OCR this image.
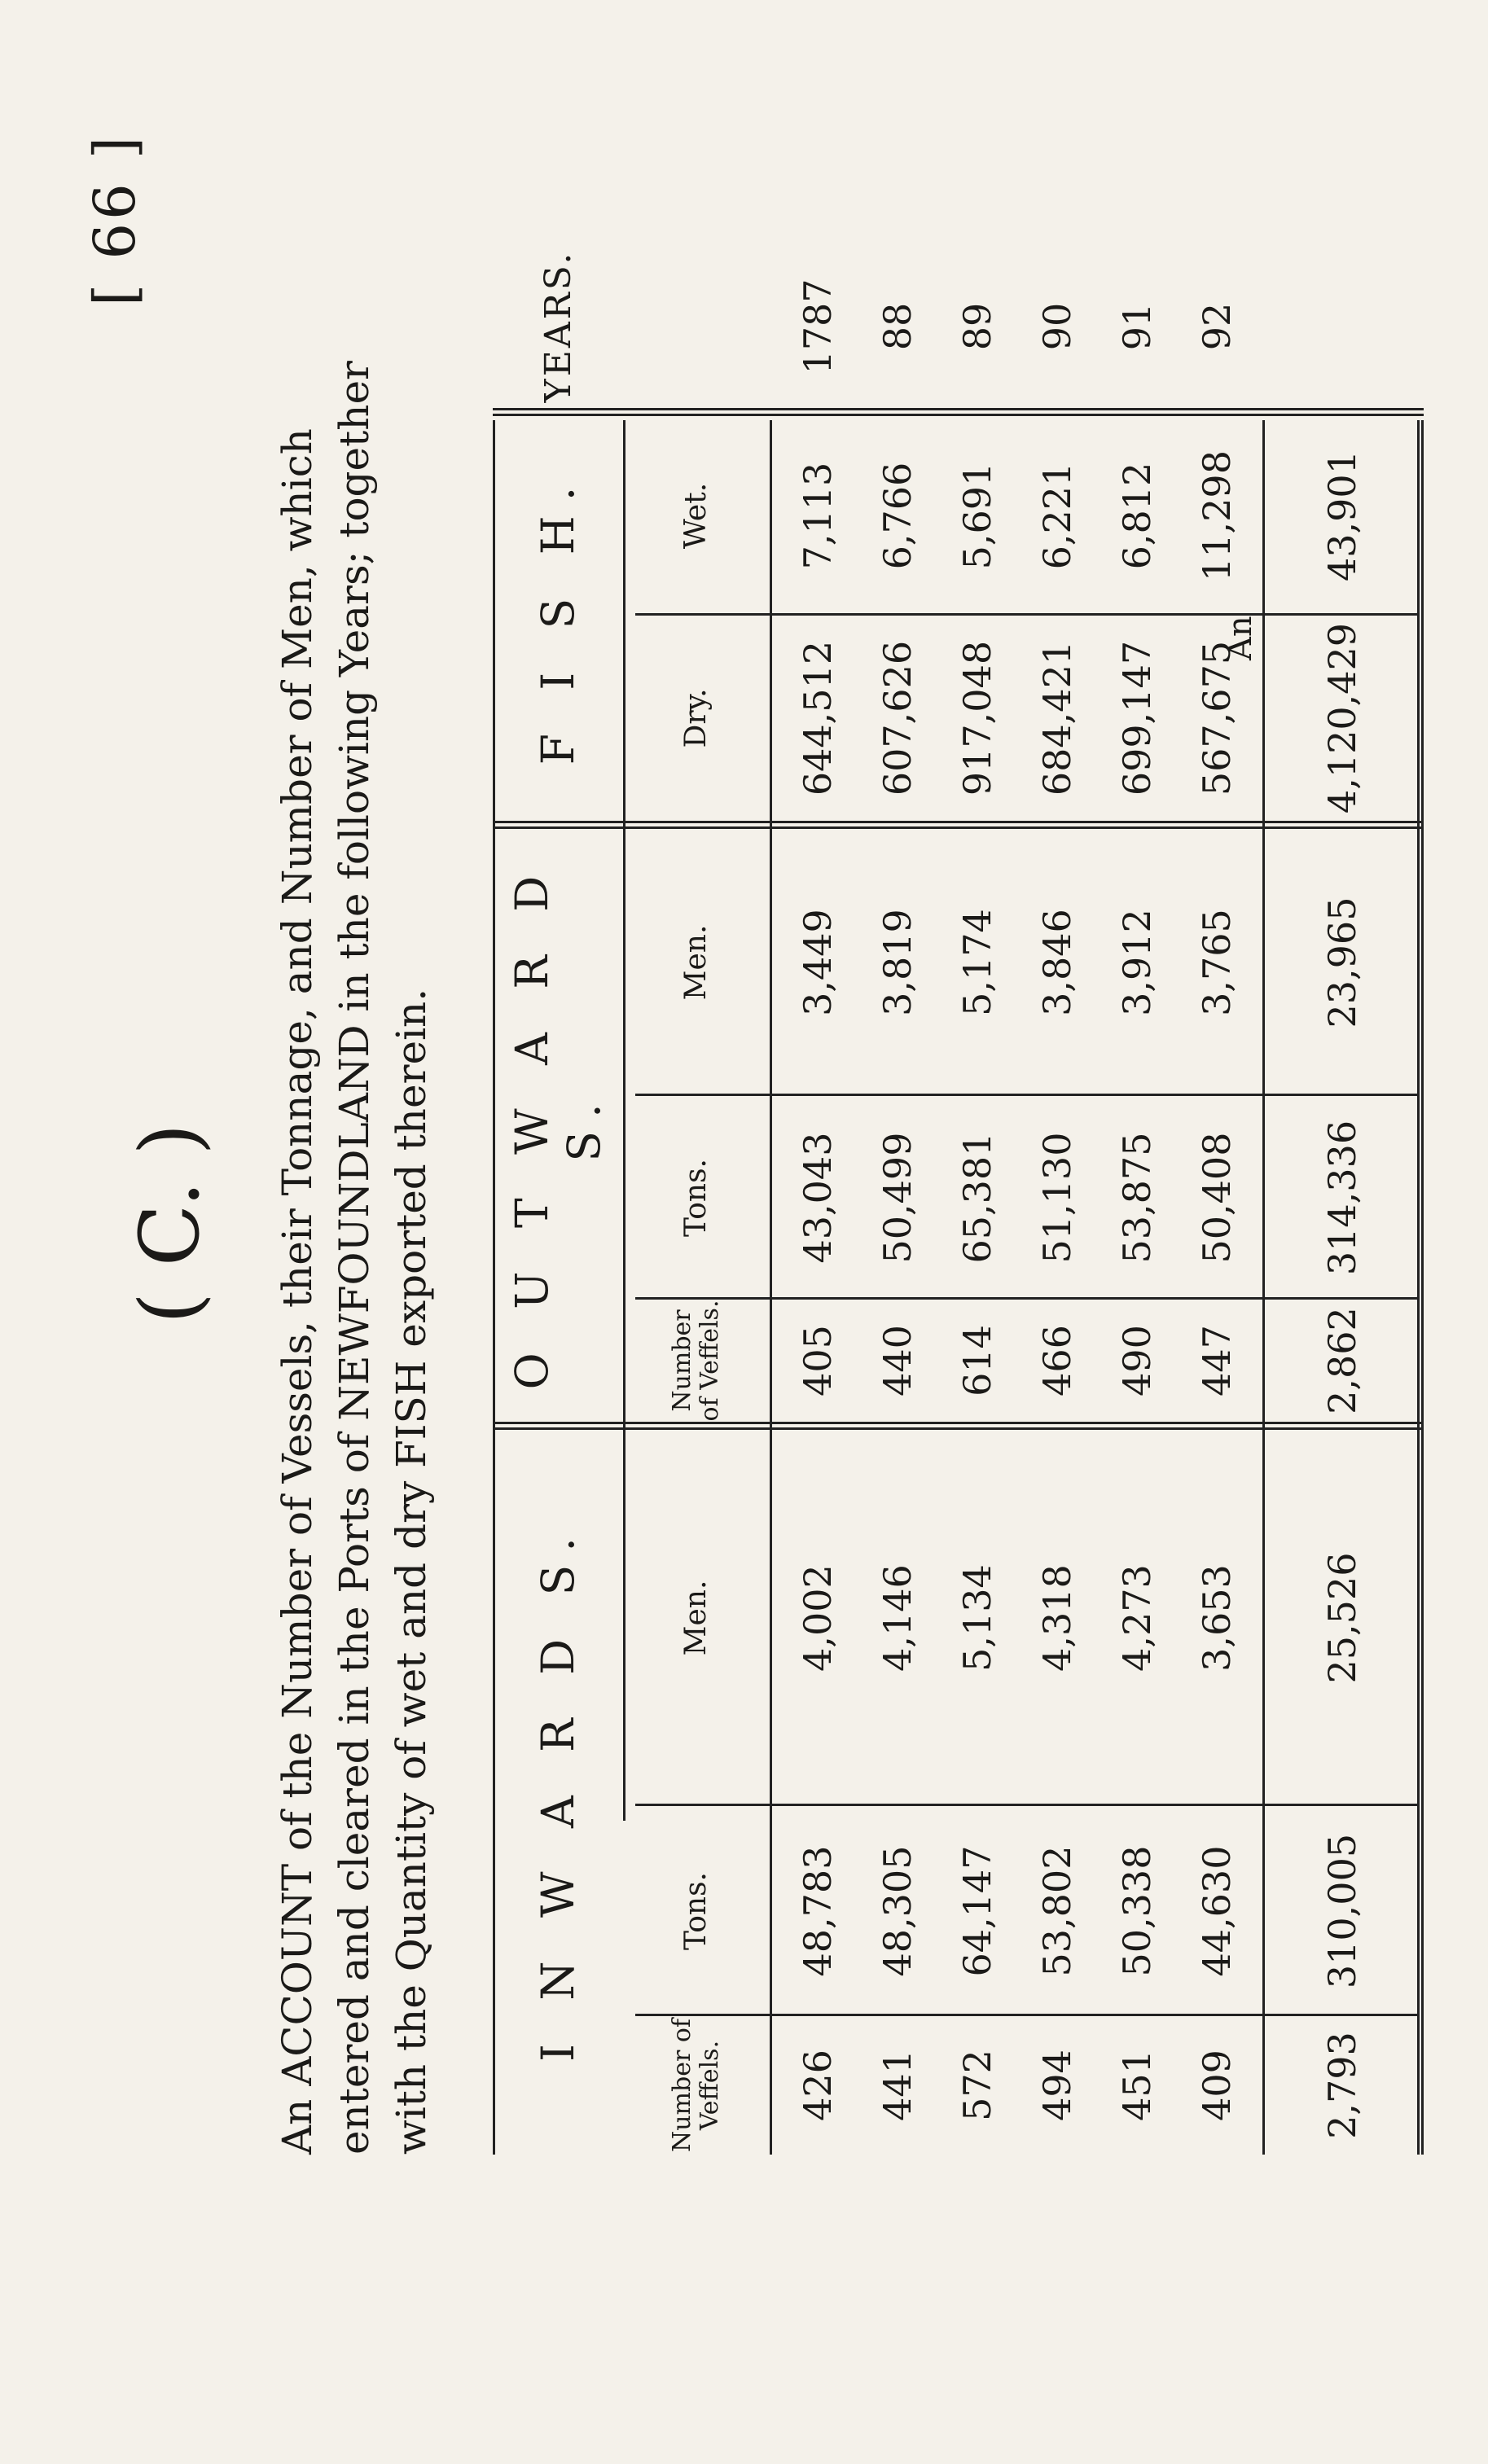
[ 66 ]
( C. ) An ACCOUNT of the Number of Vessels, their Tonnage, and Number of Men, which entered and cleared in the Ports of NEWFOUNDLAND in the following Years; together with the Quantity of wet and dry FISH exported therein.	I N W A R D S.
O U T W A R D S.
F I S H.
YEARS.
Number of Veffels.
Tons.
Men.
Number of Veffels.
Tons.
Men.
Dry.
Wet.
426
48,783
4,002
405
43,043
3,449
644,512
7,113
1787
441
48,305
4,146
440
50,499
3,819
607,626
6,766
88
572
64,147
5,134
614
65,381
5,174
917,048
5,691
89
494
53,802
4,318
466
51,130
3,846
684,421
6,221
90
451
50,338
4,273
490
53,875
3,912
699,147
6,812
91
409
44,630
3,653
447
50,408
3,765
567,675
11,298
92
2,793
310,005
25,526
2,862
314,336
23,965
4,120,429
43,901
An
